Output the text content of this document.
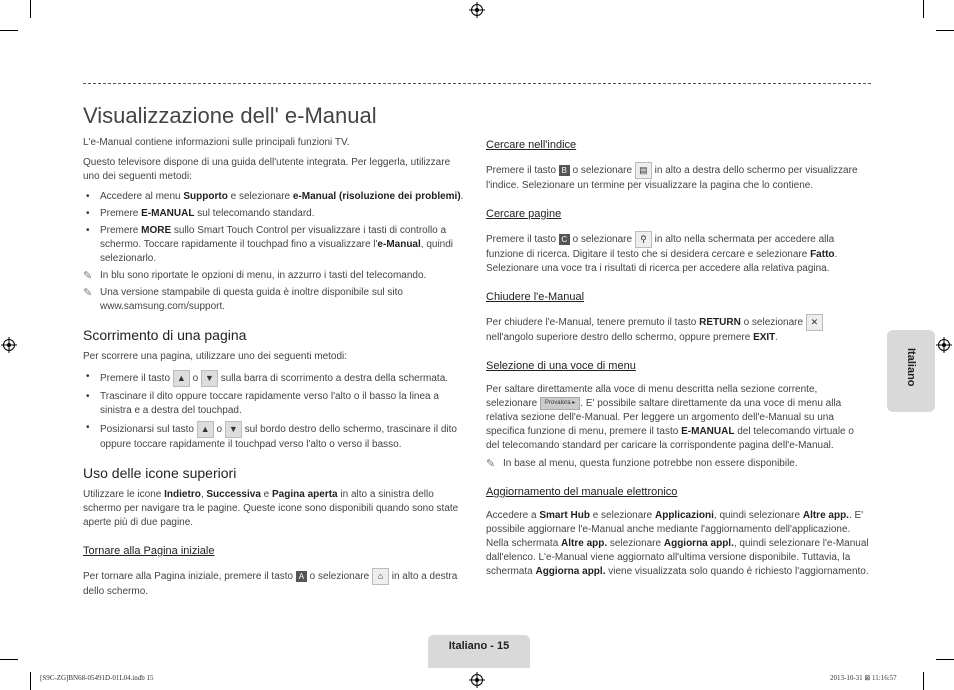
Visualizzazione dell' e-Manual

L'e-Manual contiene informazioni sulle principali funzioni TV.

Questo televisore dispone di una guida dell'utente integrata. Per leggerla, utilizzare uno dei seguenti metodi:

• Accedere al menu Supporto e selezionare e-Manual (risoluzione dei problemi).
• Premere E-MANUAL sul telecomando standard.
• Premere MORE sullo Smart Touch Control per visualizzare i tasti di controllo a schermo. Toccare rapidamente il touchpad fino a visualizzare l'e-Manual, quindi selezionarlo.
✎ In blu sono riportate le opzioni di menu, in azzurro i tasti del telecomando.
✎ Una versione stampabile di questa guida è inoltre disponibile sul sito www.samsung.com/support.
Scorrimento di una pagina

Per scorrere una pagina, utilizzare uno dei seguenti metodi:

• Premere il tasto ▲ o ▼ sulla barra di scorrimento a destra della schermata.
• Trascinare il dito oppure toccare rapidamente verso l'alto o il basso la linea a sinistra e a destra del touchpad.
• Posizionarsi sul tasto ▲ o ▼ sul bordo destro dello schermo, trascinare il dito oppure toccare rapidamente il touchpad verso l'alto o verso il basso.
Uso delle icone superiori

Utilizzare le icone Indietro, Successiva e Pagina aperta in alto a sinistra dello schermo per navigare tra le pagine. Queste icone sono disponibili quando sono state aperte più di due pagine.

Tornare alla Pagina iniziale

Per tornare alla Pagina iniziale, premere il tasto A o selezionare ⌂ in alto a destra dello schermo.

Cercare nell'indice

Premere il tasto B o selezionare ▤ in alto a destra dello schermo per visualizzare l'indice. Selezionare un termine per visualizzare la pagina che lo contiene.

Cercare pagine

Premere il tasto C o selezionare ⚲ in alto nella schermata per accedere alla funzione di ricerca. Digitare il testo che si desidera cercare e selezionare Fatto. Selezionare una voce tra i risultati di ricerca per accedere alla relativa pagina.

Chiudere l'e-Manual

Per chiudere l'e-Manual, tenere premuto il tasto RETURN o selezionare ✕ nell'angolo superiore destro dello schermo, oppure premere EXIT.

Selezione di una voce di menu

Per saltare direttamente alla voce di menu descritta nella sezione corrente, selezionare Provalora ▸ . E' possibile saltare direttamente da una voce di menu alla relativa sezione dell'e-Manual. Per leggere un argomento dell'e-Manual su una specifica funzione di menu, premere il tasto E-MANUAL del telecomando virtuale o del telecomando standard per caricare la corrispondente pagina dell'e-Manual.

✎ In base al menu, questa funzione potrebbe non essere disponibile.
Aggiornamento del manuale elettronico

Accedere a Smart Hub e selezionare Applicazioni, quindi selezionare Altre app.. E' possibile aggiornare l'e-Manual anche mediante l'aggiornamento dell'applicazione. Nella schermata Altre app. selezionare Aggiorna appl., quindi selezionare l'e-Manual dall'elenco. L'e-Manual viene aggiornato all'ultima versione disponibile. Tuttavia, la schermata Aggiorna appl. viene visualizzata solo quando è richiesto l'aggiornamento.

Italiano
Italiano - 15
[S9C-ZG]BN68-05491D-01L04.indb 15	2013-10-31 ⊠ 11:16:57
